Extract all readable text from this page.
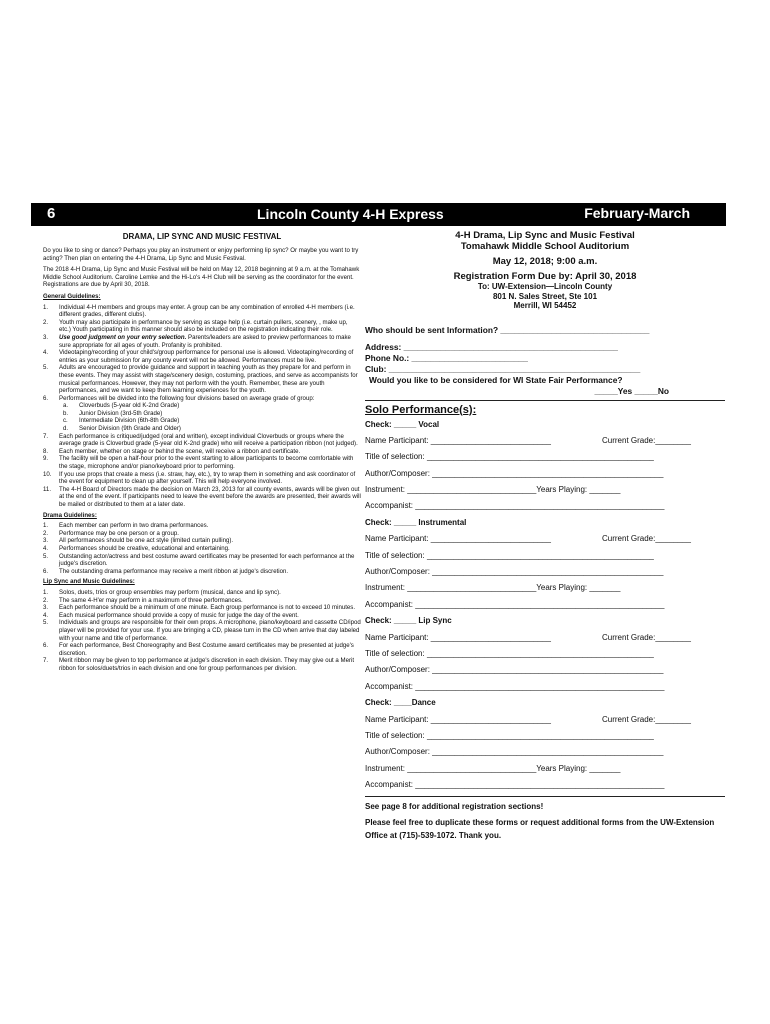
6	Lincoln County 4-H Express	February-March
DRAMA, LIP SYNC AND MUSIC FESTIVAL

Do you like to sing or dance? Perhaps you play an instrument or enjoy performing lip sync? Or maybe you want to try acting? Then plan on entering the 4-H Drama, Lip Sync and Music Festival.

The 2018 4-H Drama, Lip Sync and Music Festival will be held on May 12, 2018 beginning at 9 a.m. at the Tomahawk Middle School Auditorium. Caroline Lemke and the Hi-Lo's 4-H Club will be serving as the coordinator for the event. Registrations are due by April 30, 2018.

General Guidelines:
1. Individual 4-H members and groups may enter. A group can be any combination of enrolled 4-H members (i.e. different grades, different clubs).
2. Youth may also participate in performance by serving as stage help (i.e. curtain pullers, scenery, , make up, etc.) Youth participating in this manner should also be included on the registration indicating their role.
3. Use good judgment on your entry selection. Parents/leaders are asked to preview performances to make sure appropriate for all ages of youth. Profanity is prohibited.
4. Videotaping/recording of your child's/group performance for personal use is allowed. Videotaping/recording of entries as your submission for any county event will not be allowed. Performances must be live.
5. Adults are encouraged to provide guidance and support in teaching youth as they prepare for and perform in these events. They may assist with stage/scenery design, costuming, practices, and serve as accompanists for musical performances. However, they may not perform with the youth. Remember, these are youth performances, and we want to keep them learning experiences for the youth.
6. Performances will be divided into the following four divisions based on average grade of group:
a. Cloverbuds (5-year old K-2nd Grade)
b. Junior Division (3rd-5th Grade)
c. Intermediate Division (6th-8th Grade)
d. Senior Division (9th Grade and Older)
7. Each performance is critiqued/judged (oral and written), except individual Cloverbuds or groups where the average grade is Cloverbud grade (5-year old K-2nd grade) who will receive a participation ribbon (not judged).
8. Each member, whether on stage or behind the scene, will receive a ribbon and certificate.
9. The facility will be open a half-hour prior to the event starting to allow participants to become comfortable with the stage, microphone and/or piano/keyboard prior to performing.
10. If you use props that create a mess (i.e. straw, hay, etc.), try to wrap them in something and ask coordinator of the event for equipment to clean up after yourself. This will help everyone involved.
11. The 4-H Board of Directors made the decision on March 23, 2013 for all county events, awards will be given out at the end of the event. If participants need to leave the event before the awards are presented, their awards will be mailed or distributed to them at a later date.
Drama Guidelines:
1. Each member can perform in two drama performances.
2. Performance may be one person or a group.
3. All performances should be one act style (limited curtain pulling).
4. Performances should be creative, educational and entertaining.
5. Outstanding actor/actress and best costume award certificates may be presented for each performance at the judge's discretion.
6. The outstanding drama performance may receive a merit ribbon at judge's discretion.
Lip Sync and Music Guidelines:
1. Solos, duets, trios or group ensembles may perform (musical, dance and lip sync).
2. The same 4-H'er may perform in a maximum of three performances.
3. Each performance should be a minimum of one minute. Each group performance is not to exceed 10 minutes.
4. Each musical performance should provide a copy of music for judge the day of the event.
5. Individuals and groups are responsible for their own props. A microphone, piano/keyboard and cassette CD/ipod player will be provided for your use. If you are bringing a CD, please turn in the CD when arrive that day labeled with your name and title of performance.
6. For each performance, Best Choreography and Best Costume award certificates may be presented at judge's discretion.
7. Merit ribbon may be given to top performance at judge's discretion in each division. They may give out a Merit ribbon for solos/duets/trios in each division and one for group performances per division.
4-H Drama, Lip Sync and Music Festival
Tomahawk Middle School Auditorium
May 12, 2018; 9:00 a.m.
Registration Form Due by: April 30, 2018
To: UW-Extension—Lincoln County
801 N. Sales Street, Ste 101
Merrill, WI 54452
Who should be sent Information? ________________________________
Address: ______________________________________________
Phone No.: _________________________
Club: ______________________________________________________
Would you like to be considered for WI State Fair Performance?
_____Yes _____No
Solo Performance(s):
Check: _____ Vocal
Name Participant: ___________________________	Current Grade:________
Title of selection: ___________________________________________________
Author/Composer: ____________________________________________________
Instrument: _____________________________Years Playing: _______
Accompanist: ________________________________________________________
Check: _____ Instrumental
Name Participant: ___________________________	Current Grade:________
Title of selection: ___________________________________________________
Author/Composer: ____________________________________________________
Instrument: _____________________________Years Playing: _______
Accompanist: ________________________________________________________
Check: _____ Lip Sync
Name Participant: ___________________________	Current Grade:________
Title of selection: ___________________________________________________
Author/Composer: ____________________________________________________
Accompanist: ________________________________________________________
Check: ____Dance
Name Participant: ___________________________	Current Grade:________
Title of selection: ___________________________________________________
Author/Composer: ____________________________________________________
Instrument: _____________________________Years Playing: _______
Accompanist: ________________________________________________________
See page 8 for additional registration sections!
Please feel free to duplicate these forms or request additional forms from the UW-Extension Office at (715)-539-1072. Thank you.
